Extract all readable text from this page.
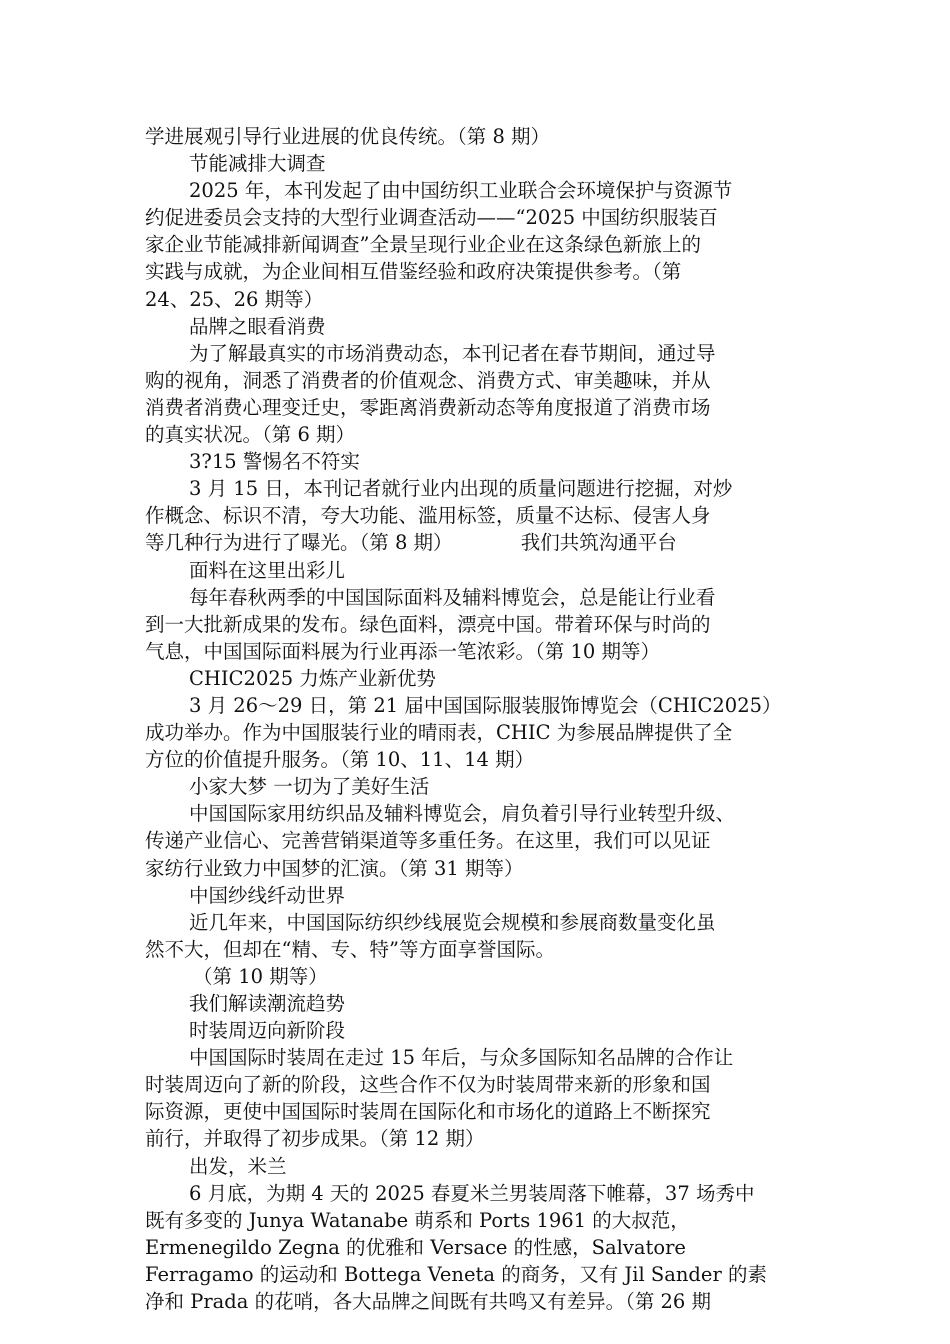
学进展观引导行业进展的优良传统。（第 8 期）
节能减排大调查
2025 年，本刊发起了由中国纺织工业联合会环境保护与资源节
约促进委员会支持的大型行业调查活动——“2025 中国纺织服装百
家企业节能减排新闻调查”全景呈现行业企业在这条绿色新旅上的
实践与成就，为企业间相互借鉴经验和政府决策提供参考。（第
24、25、26 期等）
品牌之眼看消费
为了解最真实的市场消费动态，本刊记者在春节期间，通过导
购的视角，洞悉了消费者的价值观念、消费方式、审美趣味，并从
消费者消费心理变迁史，零距离消费新动态等角度报道了消费市场
的真实状况。（第 6 期）
3?15 警惕名不符实
3 月 15 日，本刊记者就行业内出现的质量问题进行挖掘，对炒
作概念、标识不清，夸大功能、滥用标签，质量不达标、侵害人身
等几种行为进行了曝光。（第 8 期）           我们共筑沟通平台
面料在这里出彩儿
每年春秋两季的中国国际面料及辅料博览会，总是能让行业看
到一大批新成果的发布。绿色面料，漂亮中国。带着环保与时尚的
气息，中国国际面料展为行业再添一笔浓彩。（第 10 期等）
CHIC2025 力炼产业新优势
3 月 26～29 日，第 21 届中国国际服装服饰博览会（CHIC2025）
成功举办。作为中国服装行业的晴雨表，CHIC 为参展品牌提供了全
方位的价值提升服务。（第 10、11、14 期）
小家大梦 一切为了美好生活
中国国际家用纺织品及辅料博览会，肩负着引导行业转型升级、
传递产业信心、完善营销渠道等多重任务。在这里，我们可以见证
家纺行业致力中国梦的汇演。（第 31 期等）
中国纱线纤动世界
近几年来，中国国际纺织纱线展览会规模和参展商数量变化虽
然不大，但却在“精、专、特”等方面享誉国际。
（第 10 期等）
我们解读潮流趋势
时装周迈向新阶段
中国国际时装周在走过 15 年后，与众多国际知名品牌的合作让
时装周迈向了新的阶段，这些合作不仅为时装周带来新的形象和国
际资源，更使中国国际时装周在国际化和市场化的道路上不断探究
前行，并取得了初步成果。（第 12 期）
出发，米兰
6 月底，为期 4 天的 2025 春夏米兰男装周落下帷幕，37 场秀中
既有多变的 Junya Watanabe 萌系和 Ports 1961 的大叔范，
Ermenegildo Zegna 的优雅和 Versace 的性感，Salvatore
Ferragamo 的运动和 Bottega Veneta 的商务，又有 Jil Sander 的素
净和 Prada 的花哨，各大品牌之间既有共鸣又有差异。（第 26 期
